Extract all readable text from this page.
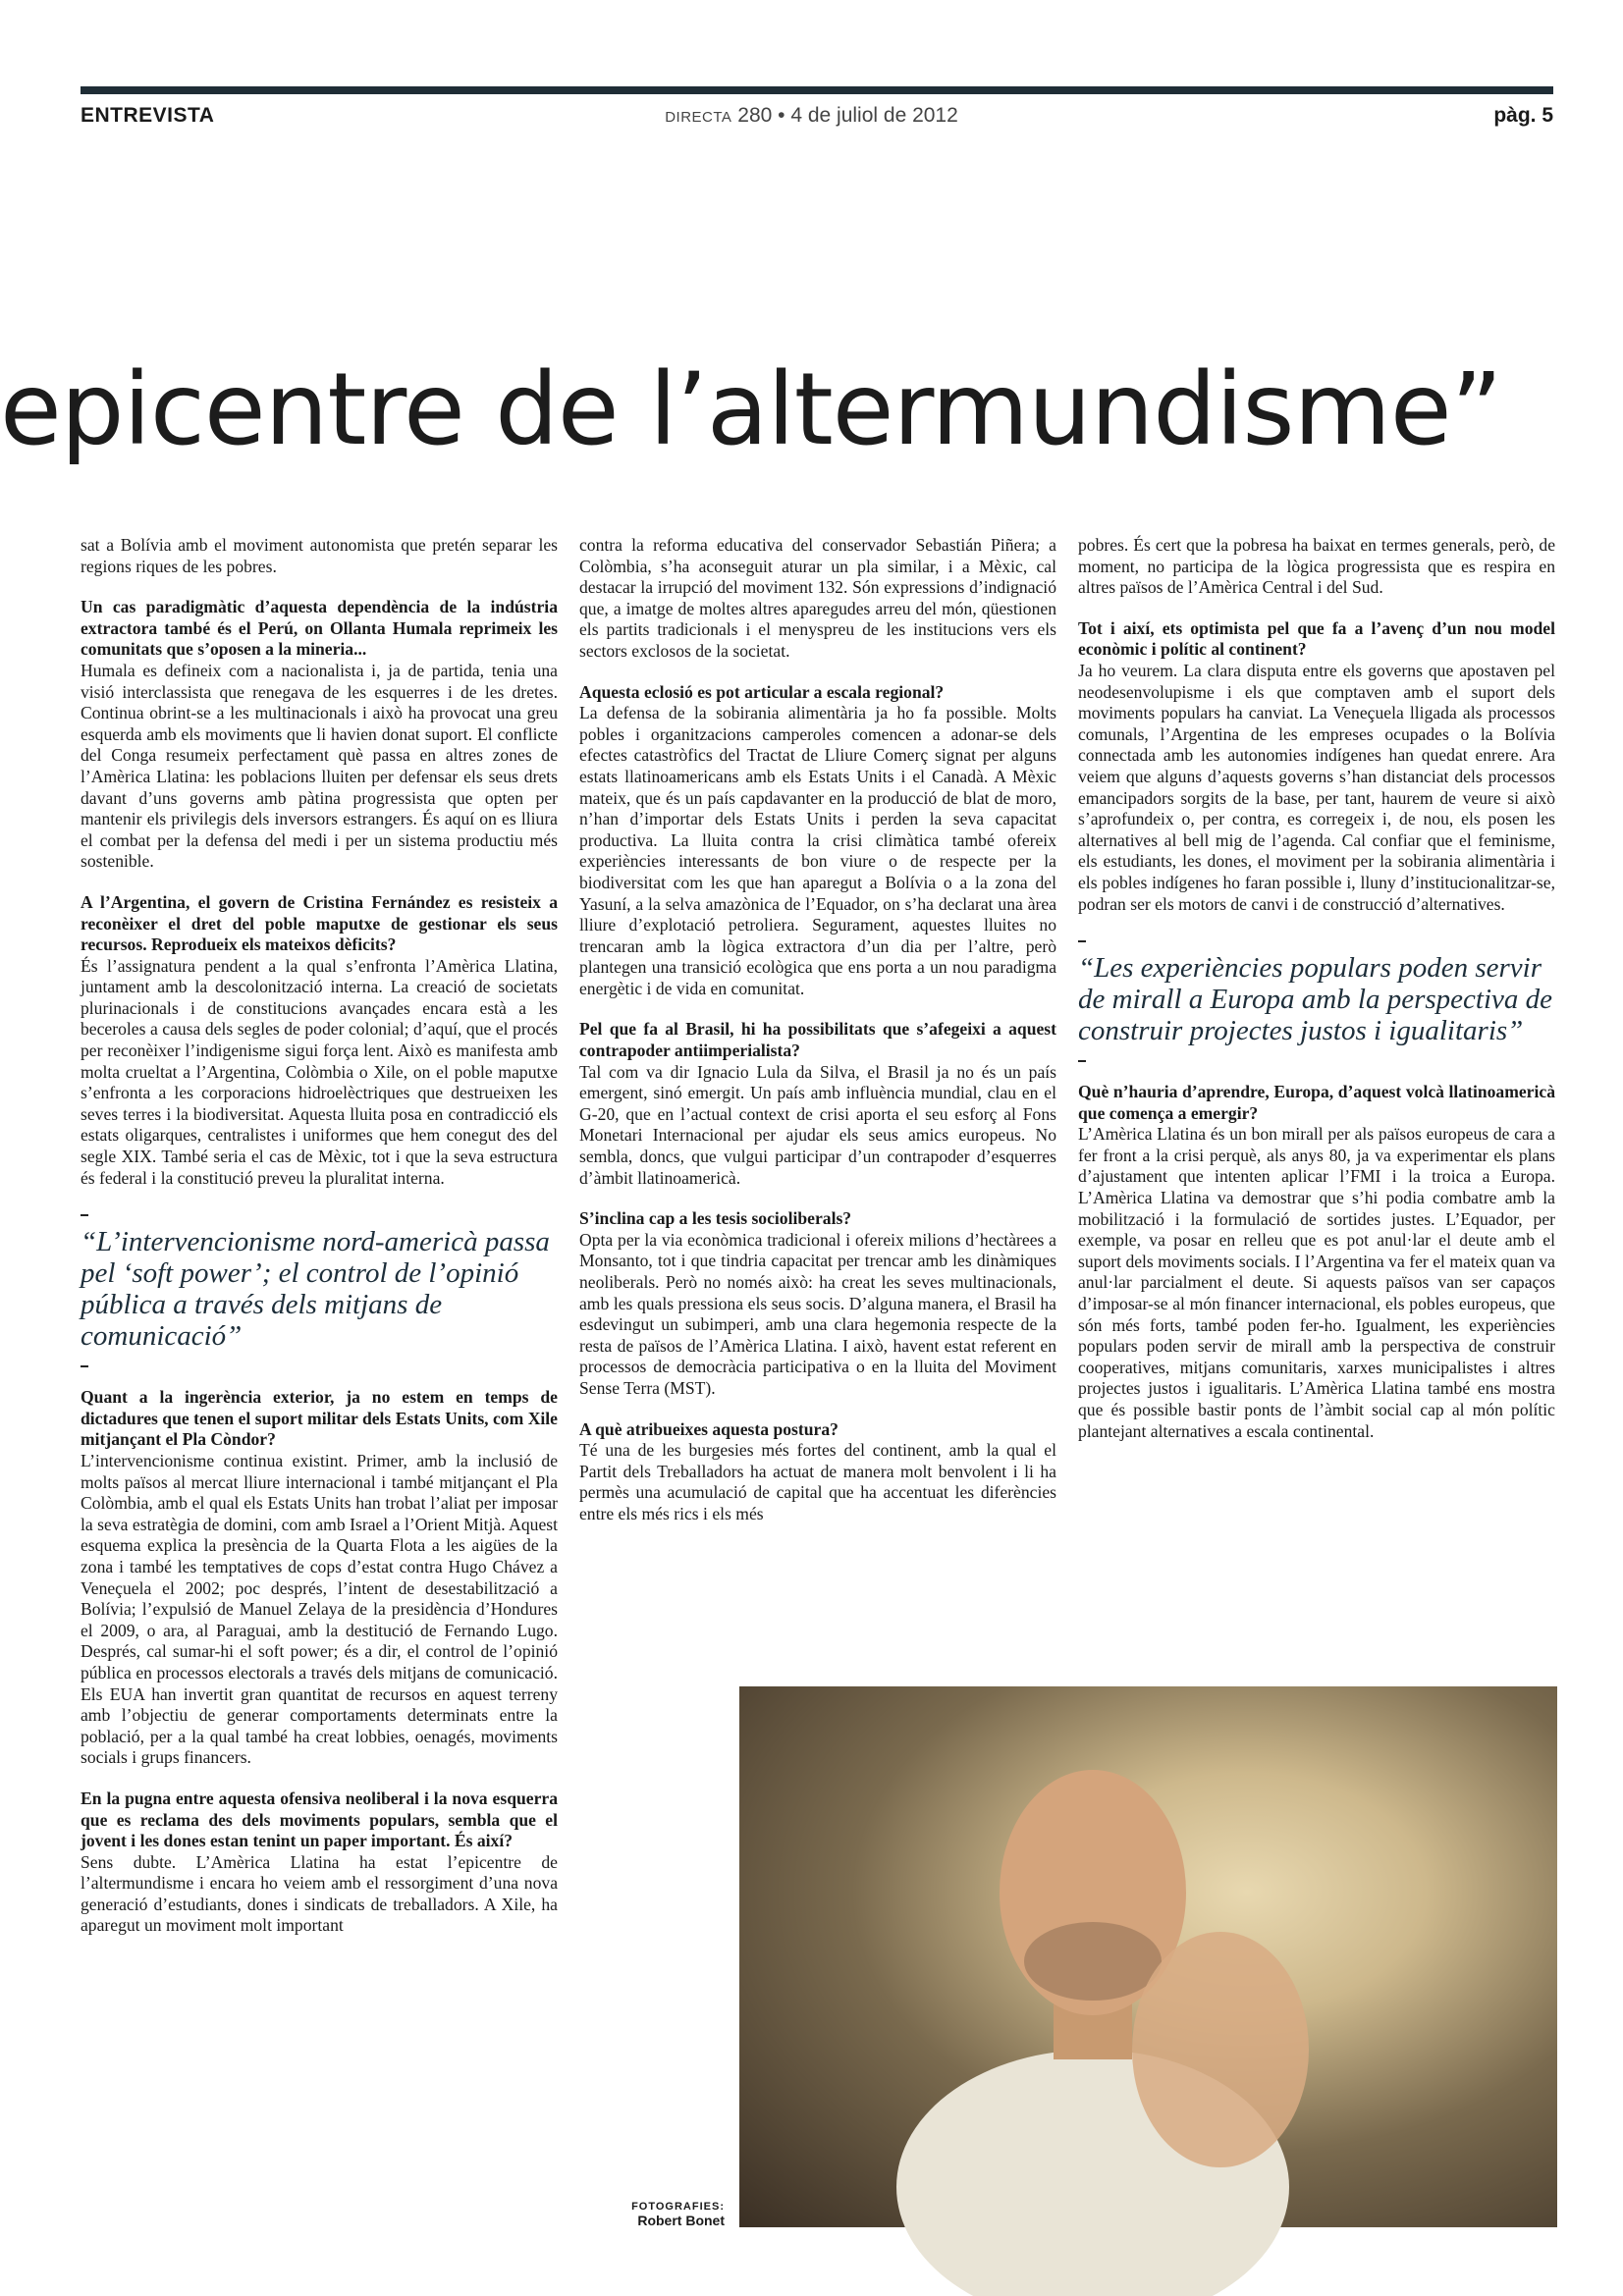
ENTREVISTA	DIRECTA 280 • 4 de juliol de 2012	pàg. 5
epicentre de l’altermundisme”

sat a Bolívia amb el moviment autonomista que pretén separar les regions riques de les pobres.

Un cas paradigmàtic d’aquesta dependència de la indústria extractora també és el Perú, on Ollanta Humala reprimeix les comunitats que s’oposen a la mineria...

Humala es defineix com a nacionalista i, ja de partida, tenia una visió interclassista que renegava de les esquerres i de les dretes. Continua obrint-se a les multinacionals i això ha provocat una greu esquerda amb els moviments que li havien donat suport. El conflicte del Conga resumeix perfectament què passa en altres zones de l’Amèrica Llatina: les poblacions lluiten per defensar els seus drets davant d’uns governs amb pàtina progressista que opten per mantenir els privilegis dels inversors estrangers. És aquí on es lliura el combat per la defensa del medi i per un sistema productiu més sostenible.

A l’Argentina, el govern de Cristina Fernández es resisteix a reconèixer el dret del poble maputxe de gestionar els seus recursos. Reprodueix els mateixos dèficits?

És l’assignatura pendent a la qual s’enfronta l’Amèrica Llatina, juntament amb la descolonització interna. La creació de societats plurinacionals i de constitucions avançades encara està a les beceroles a causa dels segles de poder colonial; d’aquí, que el procés per reconèixer l’indigenisme sigui força lent. Això es manifesta amb molta crueltat a l’Argentina, Colòmbia o Xile, on el poble maputxe s’enfronta a les corporacions hidroelèctriques que destrueixen les seves terres i la biodiversitat. Aquesta lluita posa en contradicció els estats oligarques, centralistes i uniformes que hem conegut des del segle XIX. També seria el cas de Mèxic, tot i que la seva estructura és federal i la constitució preveu la pluralitat interna.

“L’intervencionisme nord-americà passa pel ‘soft power’; el control de l’opinió pública a través dels mitjans de comunicació”

Quant a la ingerència exterior, ja no estem en temps de dictadures que tenen el suport militar dels Estats Units, com Xile mitjançant el Pla Còndor?

L’intervencionisme continua existint. Primer, amb la inclusió de molts països al mercat lliure internacional i també mitjançant el Pla Colòmbia, amb el qual els Estats Units han trobat l’aliat per imposar la seva estratègia de domini, com amb Israel a l’Orient Mitjà. Aquest esquema explica la presència de la Quarta Flota a les aigües de la zona i també les temptatives de cops d’estat contra Hugo Chávez a Veneçuela el 2002; poc després, l’intent de desestabilització a Bolívia; l’expulsió de Manuel Zelaya de la presidència d’Hondures el 2009, o ara, al Paraguai, amb la destitució de Fernando Lugo. Després, cal sumar-hi el soft power; és a dir, el control de l’opinió pública en processos electorals a través dels mitjans de comunicació. Els EUA han invertit gran quantitat de recursos en aquest terreny amb l’objectiu de generar comportaments determinats entre la població, per a la qual també ha creat lobbies, oenagés, moviments socials i grups financers.

En la pugna entre aquesta ofensiva neoliberal i la nova esquerra que es reclama des dels moviments populars, sembla que el jovent i les dones estan tenint un paper important. És així?

Sens dubte. L’Amèrica Llatina ha estat l’epicentre de l’altermundisme i encara ho veiem amb el ressorgiment d’una nova generació d’estudiants, dones i sindicats de treballadors. A Xile, ha aparegut un moviment molt important

contra la reforma educativa del conservador Sebastián Piñera; a Colòmbia, s’ha aconseguit aturar un pla similar, i a Mèxic, cal destacar la irrupció del moviment 132. Són expressions d’indignació que, a imatge de moltes altres aparegudes arreu del món, qüestionen els partits tradicionals i el menyspreu de les institucions vers els sectors exclosos de la societat.

Aquesta eclosió es pot articular a escala regional?

La defensa de la sobirania alimentària ja ho fa possible. Molts pobles i organitzacions camperoles comencen a adonar-se dels efectes catastròfics del Tractat de Lliure Comerç signat per alguns estats llatinoamericans amb els Estats Units i el Canadà. A Mèxic mateix, que és un país capdavanter en la producció de blat de moro, n’han d’importar dels Estats Units i perden la seva capacitat productiva. La lluita contra la crisi climàtica també ofereix experiències interessants de bon viure o de respecte per la biodiversitat com les que han aparegut a Bolívia o a la zona del Yasuní, a la selva amazònica de l’Equador, on s’ha declarat una àrea lliure d’explotació petroliera. Segurament, aquestes lluites no trencaran amb la lògica extractora d’un dia per l’altre, però plantegen una transició ecològica que ens porta a un nou paradigma energètic i de vida en comunitat.

Pel que fa al Brasil, hi ha possibilitats que s’afegeixi a aquest contrapoder antiimperialista?

Tal com va dir Ignacio Lula da Silva, el Brasil ja no és un país emergent, sinó emergit. Un país amb influència mundial, clau en el G-20, que en l’actual context de crisi aporta el seu esforç al Fons Monetari Internacional per ajudar els seus amics europeus. No sembla, doncs, que vulgui participar d’un contrapoder d’esquerres d’àmbit llatinoamericà.

S’inclina cap a les tesis socioliberals?

Opta per la via econòmica tradicional i ofereix milions d’hectàrees a Monsanto, tot i que tindria capacitat per trencar amb les dinàmiques neoliberals. Però no només això: ha creat les seves multinacionals, amb les quals pressiona els seus socis. D’alguna manera, el Brasil ha esdevingut un subimperi, amb una clara hegemonia respecte de la resta de països de l’Amèrica Llatina. I això, havent estat referent en processos de democràcia participativa o en la lluita del Moviment Sense Terra (MST).

A què atribueixes aquesta postura?

Té una de les burgesies més fortes del continent, amb la qual el Partit dels Treballadors ha actuat de manera molt benvolent i li ha permès una acumulació de capital que ha accentuat les diferències entre els més rics i els més

pobres. És cert que la pobresa ha baixat en termes generals, però, de moment, no participa de la lògica progressista que es respira en altres països de l’Amèrica Central i del Sud.

Tot i així, ets optimista pel que fa a l’avenç d’un nou model econòmic i polític al continent?

Ja ho veurem. La clara disputa entre els governs que apostaven pel neodesenvolupisme i els que comptaven amb el suport dels moviments populars ha canviat. La Veneçuela lligada als processos comunals, l’Argentina de les empreses ocupades o la Bolívia connectada amb les autonomies indígenes han quedat enrere. Ara veiem que alguns d’aquests governs s’han distanciat dels processos emancipadors sorgits de la base, per tant, haurem de veure si això s’aprofundeix o, per contra, es corregeix i, de nou, els posen les alternatives al bell mig de l’agenda. Cal confiar que el feminisme, els estudiants, les dones, el moviment per la sobirania alimentària i els pobles indígenes ho faran possible i, lluny d’institucionalitzar-se, podran ser els motors de canvi i de construcció d’alternatives.

“Les experiències populars poden servir de mirall a Europa amb la perspectiva de construir projectes justos i igualitaris”

Què n’hauria d’aprendre, Europa, d’aquest volcà llatinoamericà que comença a emergir?

L’Amèrica Llatina és un bon mirall per als països europeus de cara a fer front a la crisi perquè, als anys 80, ja va experimentar els plans d’ajustament que intenten aplicar l’FMI i la troica a Europa. L’Amèrica Llatina va demostrar que s’hi podia combatre amb la mobilització i la formulació de sortides justes. L’Equador, per exemple, va posar en relleu que es pot anul·lar el deute amb el suport dels moviments socials. I l’Argentina va fer el mateix quan va anul·lar parcialment el deute. Si aquests països van ser capaços d’imposar-se al món financer internacional, els pobles europeus, que són més forts, també poden fer-ho. Igualment, les experiències populars poden servir de mirall amb la perspectiva de construir cooperatives, mitjans comunitaris, xarxes municipalistes i altres projectes justos i igualitaris. L’Amèrica Llatina també ens mostra que és possible bastir ponts de l’àmbit social cap al món polític plantejant alternatives a escala continental.

FOTOGRAFIES:
Robert Bonet
